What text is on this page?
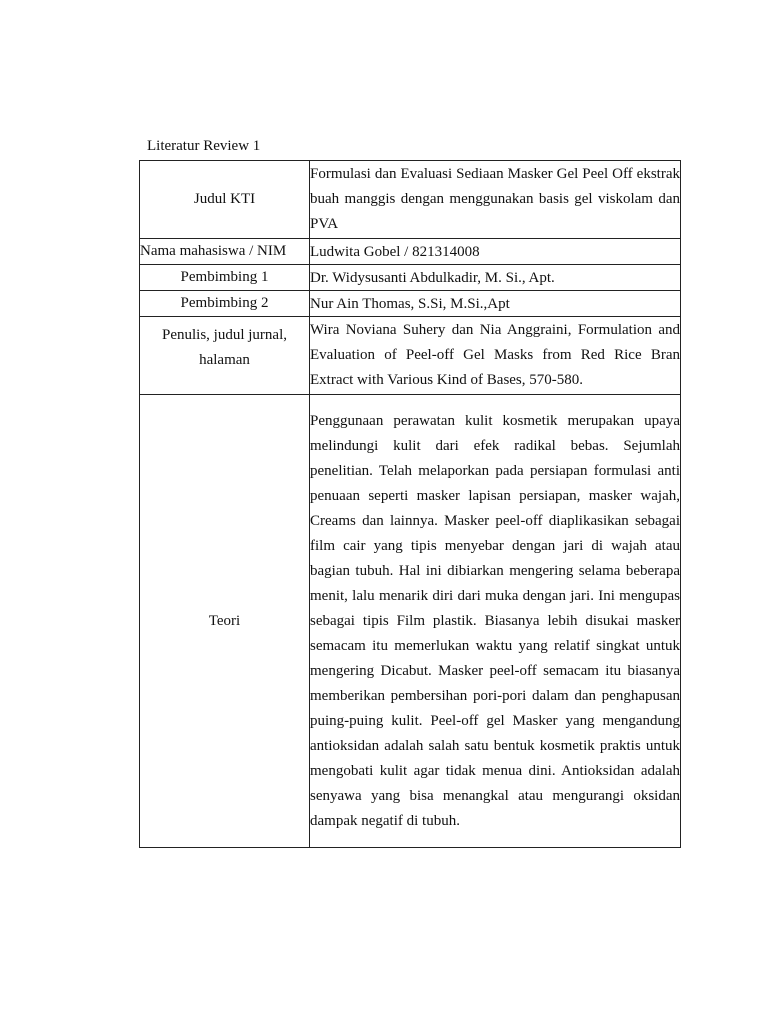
Literatur Review 1
Judul KTI	Formulasi dan Evaluasi Sediaan Masker Gel Peel Off ekstrak buah manggis dengan menggunakan basis gel viskolam dan PVA
Nama mahasiswa / NIM	Ludwita Gobel / 821314008
Pembimbing 1	Dr. Widysusanti Abdulkadir, M. Si., Apt.
Pembimbing 2	Nur Ain Thomas, S.Si, M.Si.,Apt
Penulis, judul jurnal, halaman	Wira Noviana Suhery dan Nia Anggraini, Formulation and Evaluation of Peel-off Gel Masks from Red Rice Bran Extract with Various Kind of Bases, 570-580.
Teori	Penggunaan perawatan kulit kosmetik merupakan upaya melindungi kulit dari efek radikal bebas. Sejumlah penelitian. Telah melaporkan pada persiapan formulasi anti penuaan seperti masker lapisan persiapan, masker wajah, Creams dan lainnya. Masker peel-off diaplikasikan sebagai film cair yang tipis menyebar dengan jari di wajah atau bagian tubuh. Hal ini dibiarkan mengering selama beberapa menit, lalu menarik diri dari muka dengan jari. Ini mengupas sebagai tipis Film plastik. Biasanya lebih disukai masker semacam itu memerlukan waktu yang relatif singkat untuk mengering Dicabut. Masker peel-off semacam itu biasanya memberikan pembersihan pori-pori dalam dan penghapusan puing-puing kulit. Peel-off gel Masker yang mengandung antioksidan adalah salah satu bentuk kosmetik praktis untuk mengobati kulit agar tidak menua dini. Antioksidan adalah senyawa yang bisa menangkal atau mengurangi oksidan dampak negatif di tubuh.
